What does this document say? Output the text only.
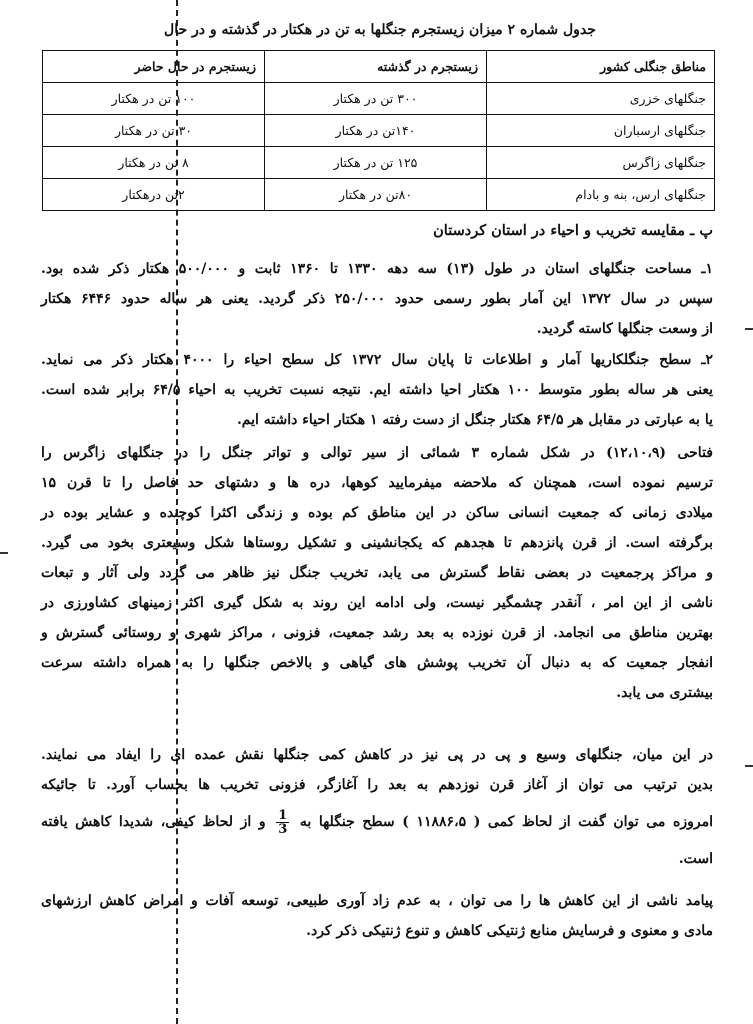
جدول شماره ۲ میزان زیستجرم جنگلها به تن در هکتار در گذشته و در حال
مناطق جنگلی کشور	زیستجرم در گذشته	زیستجرم در حال حاضر
جنگلهای خزری	۳۰۰ تن در هکتار	۱۰۰ تن در هکتار
جنگلهای ارسباران	۱۴۰تن در هکتار	۳۰ تن در هکتار
جنگلهای زاگرس	۱۲۵ تن در هکتار	۸ تن در هکتار
جنگلهای ارس، بنه و بادام	۸۰تن در هکتار	۲تن درهکتار
پ ـ مقایسه تخریب و احیاء در استان کردستان
۱ـ مساحت جنگلهای استان در طول (۱۳) سه دهه ۱۳۳۰ تا ۱۳۶۰ ثابت و ۵۰۰/۰۰۰ هکتار ذکر شده بود.
سپس در سال ۱۳۷۲ این آمار بطور رسمی حدود ۲۵۰/۰۰۰ ذکر گردید. یعنی هر ساله حدود ۶۴۴۶ هکتار
از وسعت جنگلها کاسته گردید.
۲ـ سطح جنگلکاریها آمار و اطلاعات تا پایان سال ۱۳۷۲ کل سطح احیاء را ۴۰۰۰ هکتار ذکر می نماید.
یعنی هر ساله بطور متوسط ۱۰۰ هکتار احیا داشته ایم. نتیجه نسبت تخریب به احیاء ۶۴/۵ برابر شده است.
یا به عبارتی در مقابل هر ۶۴/۵ هکتار جنگل از دست رفته ۱ هکتار احیاء داشته ایم.
فتاحی (۱۲،۱۰،۹) در شکل شماره ۳ شمائی از سیر توالی و تواتر جنگل را در جنگلهای زاگرس را
ترسیم نموده است، همچنان که ملاحضه میفرمایید کوهها، دره ها و دشتهای حد فاصل را تا قرن ۱۵
میلادی زمانی که جمعیت انسانی ساکن در این مناطق کم بوده و زندگی اکثرا کوچنده و عشایر بوده در
برگرفته است. از قرن پانزدهم تا هجدهم که یکجانشینی و تشکیل روستاها شکل وسیعتری بخود می گیرد.
و مراکز پرجمعیت در بعضی نقاط گسترش می یابد، تخریب جنگل نیز ظاهر می گردد ولی آثار و تبعات
ناشی از این امر ، آنقدر چشمگیر نیست، ولی ادامه این روند به شکل گیری اکثر زمینهای کشاورزی در
بهترین مناطق می انجامد. از قرن نوزده به بعد رشد جمعیت، فزونی ، مراکز شهری و روستائی گسترش و
انفجار جمعیت که به دنبال آن تخریب پوشش های گیاهی و بالاخص جنگلها را به همراه داشته سرعت
بیشتری می یابد.
در این میان، جنگلهای وسیع و پی در پی نیز در کاهش کمی جنگلها نقش عمده ای را ایفاد می نمایند.
بدین ترتیب می توان از آغاز قرن نوزدهم به بعد را آغازگر، فزونی تخریب ها بحساب آورد. تا جائیکه
امروزه می توان گفت از لحاظ کمی ( ۱۱۸۸۶،۵ ) سطح جنگلها به
$\frac{1}{3}$
و از لحاظ کیفی، شدیدا کاهش یافته
است.
پیامد ناشی از این کاهش ها را می توان ، به عدم زاد آوری طبیعی، توسعه آفات و امراض کاهش ارزشهای
مادی و معنوی و فرسایش منابع ژنتیکی کاهش و تنوع ژنتیکی ذکر کرد.
